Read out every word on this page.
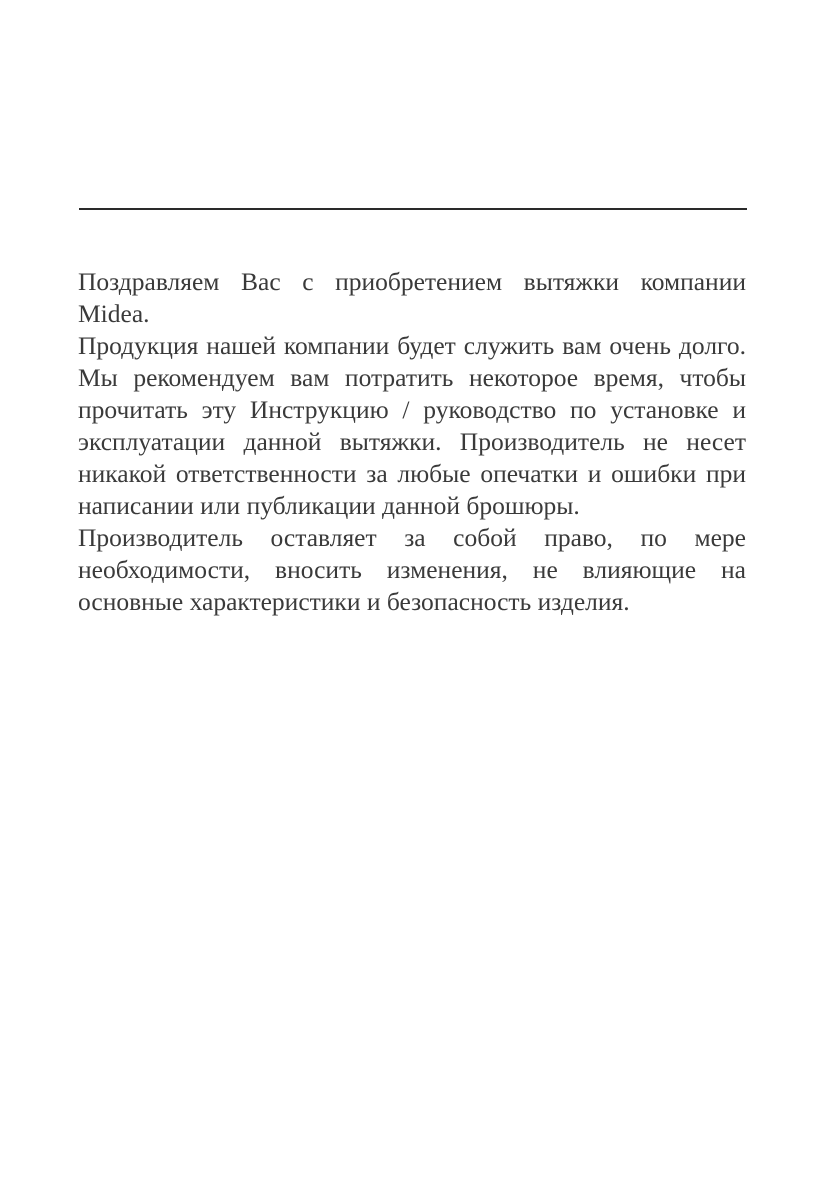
Поздравляем Вас с приобретением вытяжки компании Midea.

Продукция нашей компании будет служить вам очень долго. Мы рекомендуем вам потратить некоторое время, чтобы прочитать эту Инструкцию / руководство по установке и эксплуатации данной вытяжки. Производитель не несет никакой ответственности за любые опечатки и ошибки при написании или публикации данной брошюры.

Производитель оставляет за собой право, по мере необходимости, вносить изменения, не влияющие на основные характеристики и безопасность изделия.
